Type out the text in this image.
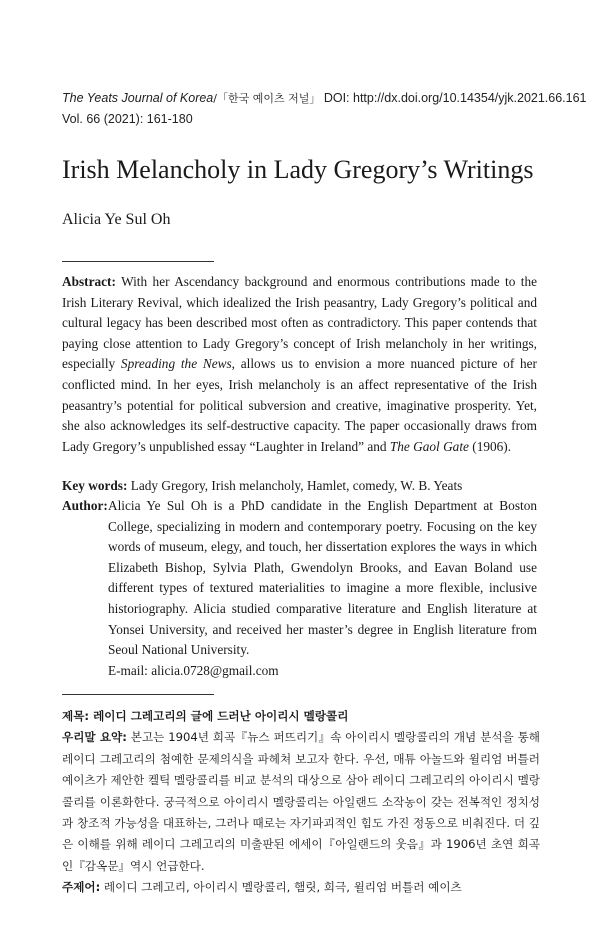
The Yeats Journal of Korea/「한국 예이츠 저널」 DOI: http://dx.doi.org/10.14354/yjk.2021.66.161
Vol. 66 (2021): 161-180
Irish Melancholy in Lady Gregory’s Writings
Alicia Ye Sul Oh

Abstract: With her Ascendancy background and enormous contributions made to the Irish Literary Revival, which idealized the Irish peasantry, Lady Gregory’s political and cultural legacy has been described most often as contradictory. This paper contends that paying close attention to Lady Gregory’s concept of Irish melancholy in her writings, especially Spreading the News, allows us to envision a more nuanced picture of her conflicted mind. In her eyes, Irish melancholy is an affect representative of the Irish peasantry’s potential for political subversion and creative, imaginative prosperity. Yet, she also acknowledges its self-destructive capacity. The paper occasionally draws from Lady Gregory’s unpublished essay “Laughter in Ireland” and The Gaol Gate (1906).

Key words: Lady Gregory, Irish melancholy, Hamlet, comedy, W. B. Yeats
Author: Alicia Ye Sul Oh is a PhD candidate in the English Department at Boston College, specializing in modern and contemporary poetry. Focusing on the key words of museum, elegy, and touch, her dissertation explores the ways in which Elizabeth Bishop, Sylvia Plath, Gwendolyn Brooks, and Eavan Boland use different types of textured materialities to imagine a more flexible, inclusive historiography. Alicia studied comparative literature and English literature at Yonsei University, and received her master’s degree in English literature from Seoul National University.
E-mail: alicia.0728@gmail.com

제목: 레이디 그레고리의 글에 드러난 아이리시 멜랑콜리

우리말 요약: 본고는 1904년 희곡『뉴스 퍼뜨리기』속 아이리시 멜랑콜리의 개념 분석을 통해 레이디 그레고리의 첨예한 문제의식을 파헤쳐 보고자 한다. 우선, 매튜 아놀드와 윌리엄 버틀러 예이츠가 제안한 켈틱 멜랑콜리를 비교 분석의 대상으로 삼아 레이디 그레고리의 아이리시 멜랑콜리를 이론화한다. 궁극적으로 아이리시 멜랑콜리는 아일랜드 소작농이 갖는 전복적인 정치성과 창조적 가능성을 대표하는, 그러나 때로는 자기파괴적인 힘도 가진 정동으로 비춰진다. 더 깊은 이해를 위해 레이디 그레고리의 미출판된 에세이『아일랜드의 웃음』과 1906년 초연 희곡인『감옥문』역시 언급한다.

주제어: 레이디 그레고리, 아이리시 멜랑콜리, 햄릿, 희극, 윌리엄 버틀러 예이츠
